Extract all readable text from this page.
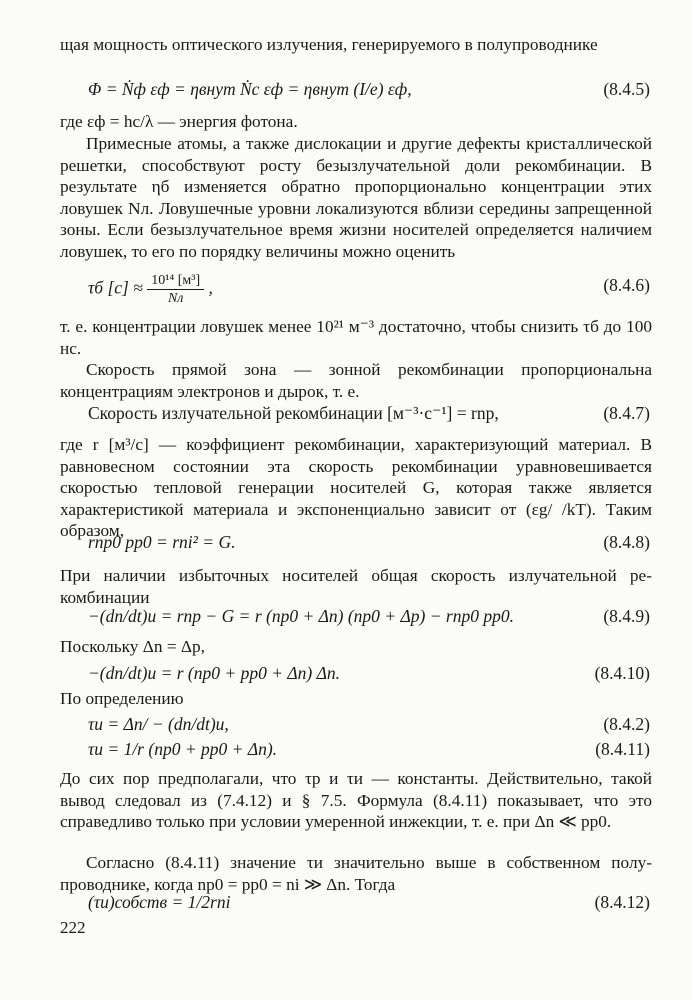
щая мощность оптического излучения, генерируемого в полупроводнике
Φ = Ṅф εф = ηвнут Ṅc εф = ηвнут (I/e) εф,	(8.4.5)
где εф = hc/λ — энергия фотона.
Примесные атомы, а также дислокации и другие дефекты кристаллической решетки, способствуют росту безызлучательной доли рекомбинации. В результате ηб изменяется обратно пропорционально концентрации этих ловушек Nл. Ловушечные уровни локализуются вблизи середины запрещенной зоны. Если безызлучательное время жизни носителей определяется наличием ловушек, то его по порядку величины можно оценить
τб $[с] \approx \frac{\text{10¹⁴ [м³]}}{Nл}$ ,	(8.4.6)
т. е. концентрации ловушек менее 10²¹ м⁻³ достаточно, чтобы снизить τб до 100 нс.
Скорость прямой зона — зонной рекомбинации пропорциональна концентрациям электронов и дырок, т. е.
Скорость излучательной рекомбинации [м⁻³·с⁻¹] = rnp,	(8.4.7)
где r [м³/с] — коэффициент рекомбинации, характеризующий материал. В равновесном состоянии эта скорость рекомбинации уравновешивается скоростью тепловой генерации носителей G, которая также является характеристикой материала и экспоненциально зависит от (εg/ /kT). Таким образом,
rnp0 pp0 = rni² = G.	(8.4.8)
При наличии избыточных носителей общая скорость излучательной рекомбинации
−(dn/dt)и = rnp − G = r (np0 + Δn) (np0 + Δp) − rnp0 pp0.	(8.4.9)
Поскольку Δn = Δp,
−(dn/dt)и = r (np0 + pp0 + Δn) Δn.	(8.4.10)
По определению
τи = Δn/ − (dn/dt)и,	(8.4.2)
τи = 1/r (np0 + pp0 + Δn).	(8.4.11)
До сих пор предполагали, что τp и τи — константы. Действительно, такой вывод следовал из (7.4.12) и § 7.5. Формула (8.4.11) показывает, что это справедливо только при условии умеренной инжекции, т. е. при Δn ≪ pp0.
Согласно (8.4.11) значение τи значительно выше в собственном полупроводнике, когда np0 = pp0 = ni ≫ Δn. Тогда
(τи)собств = 1/2rni	(8.4.12)
222
